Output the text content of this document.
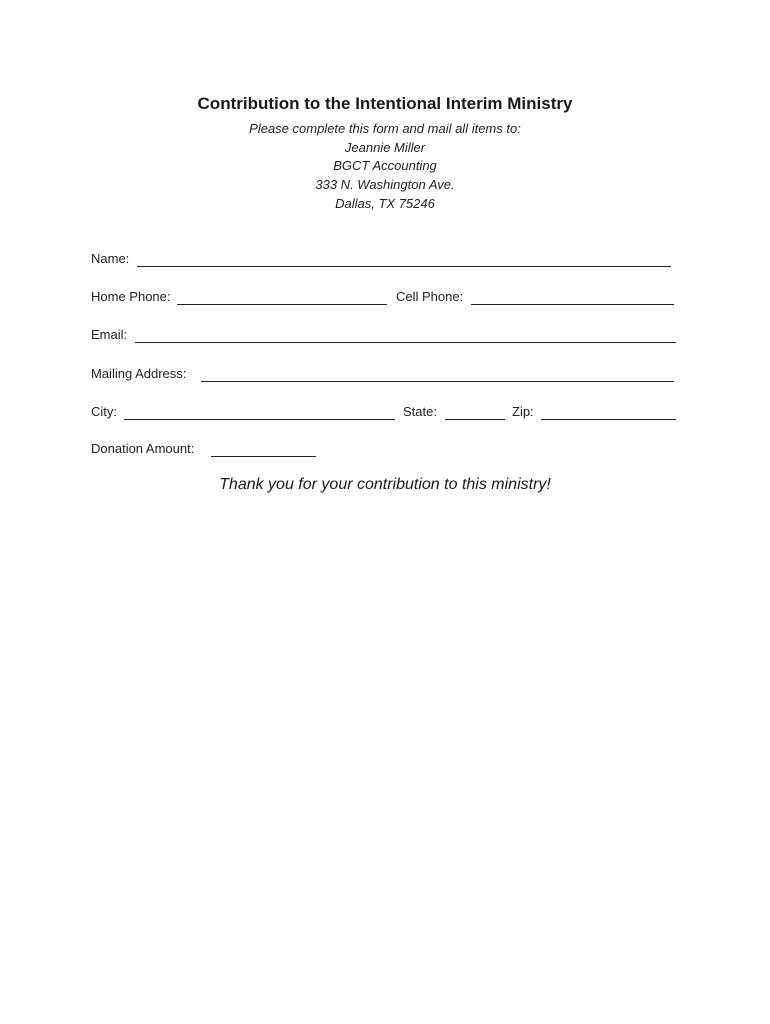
Contribution to the Intentional Interim Ministry
Please complete this form and mail all items to:
Jeannie Miller
BGCT Accounting
333 N. Washington Ave.
Dallas, TX 75246
Name:
Home Phone:	Cell Phone:
Email:
Mailing Address:
City:	State:	Zip:
Donation Amount:
Thank you for your contribution to this ministry!
